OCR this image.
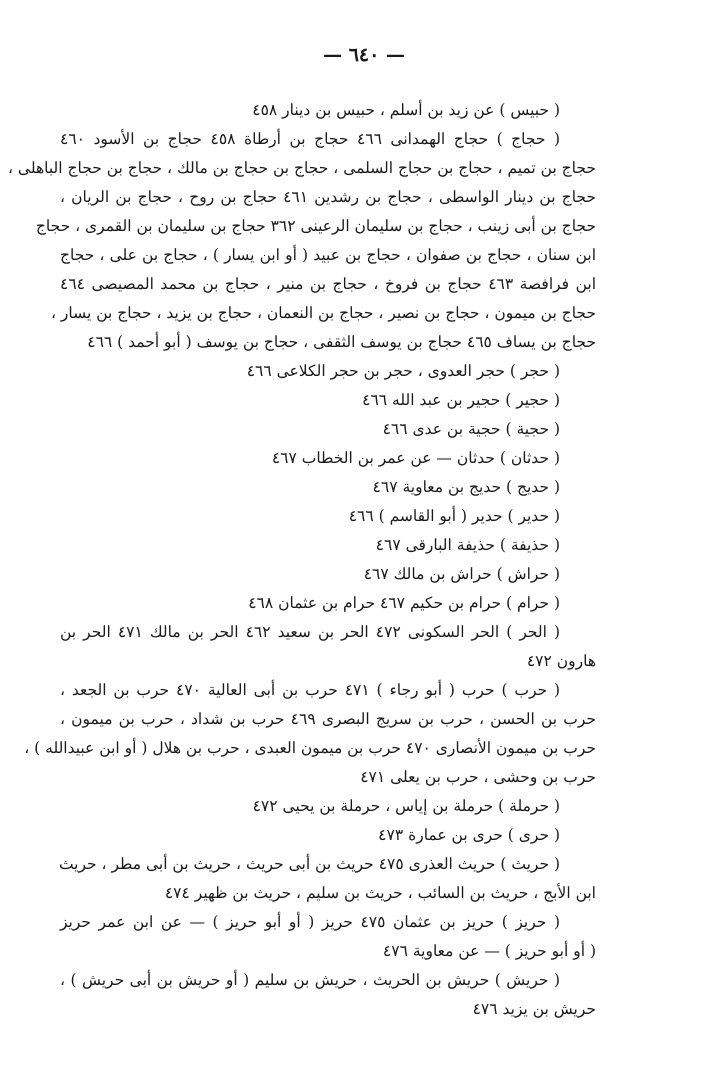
— ٦٤٠ —
( حبيس ) عن زيد بن أسلم ، حبيس بن دينار ٤٥٨
( حجاج ) حجاج الهمدانى ٤٦٦ حجاج بن أرطاة ٤٥٨ حجاج بن الأسود ٤٦٠
حجاج بن تميم ، حجاج بن حجاج السلمى ، حجاج بن حجاج بن مالك ، حجاج بن حجاج الباهلى ،
حجاج بن دينار الواسطى ، حجاج بن رشدين ٤٦١ حجاج بن روح ، حجاج بن الريان ،
حجاج بن أبى زينب ، حجاج بن سليمان الرعينى ٣٦٢ حجاج بن سليمان بن القمرى ، حجاج
ابن سنان ، حجاج بن صفوان ، حجاج بن عبيد ( أو ابن يسار ) ، حجاج بن على ، حجاج
ابن فرافصة ٤٦٣ حجاج بن فروخ ، حجاج بن منير ، حجاج بن محمد المصيصى ٤٦٤
حجاج بن ميمون ، حجاج بن نصير ، حجاج بن النعمان ، حجاج بن يزيد ، حجاج بن يسار ،
حجاج بن يساف ٤٦٥ حجاج بن يوسف الثقفى ، حجاج بن يوسف ( أبو أحمد ) ٤٦٦
( حجر ) حجر العدوى ، حجر بن حجر الكلاعى ٤٦٦
( حجير ) حجير بن عبد الله ٤٦٦
( حجية ) حجية بن عدى ٤٦٦
( حدثان ) حدثان — عن عمر بن الخطاب ٤٦٧
( حديج ) حديج بن معاوية ٤٦٧
( حدير ) حدير ( أبو القاسم ) ٤٦٦
( حذيفة ) حذيفة البارقى ٤٦٧
( حراش ) حراش بن مالك ٤٦٧
( حرام ) حرام بن حكيم ٤٦٧ حرام بن عثمان ٤٦٨
( الحر ) الحر السكونى ٤٧٢ الحر بن سعيد ٤٦٢ الحر بن مالك ٤٧١ الحر بن
هارون ٤٧٢
( حرب ) حرب ( أبو رجاء ) ٤٧١ حرب بن أبى العالية ٤٧٠ حرب بن الجعد ،
حرب بن الحسن ، حرب بن سريج البصرى ٤٦٩ حرب بن شداد ، حرب بن ميمون ،
حرب بن ميمون الأنصارى ٤٧٠ حرب بن ميمون العبدى ، حرب بن هلال ( أو ابن عبيدالله ) ،
حرب بن وحشى ، حرب بن يعلى ٤٧١
( حرملة ) حرملة بن إياس ، حرملة بن يحيى ٤٧٢
( حرى ) حرى بن عمارة ٤٧٣
( حريث ) حريث العذرى ٤٧٥ حريث بن أبى حريث ، حريث بن أبى مطر ، حريث
ابن الأبج ، حريث بن السائب ، حريث بن سليم ، حريث بن ظهير ٤٧٤
( حريز ) حريز بن عثمان ٤٧٥ حريز ( أو أبو حريز ) — عن ابن عمر حريز
( أو أبو حريز ) — عن معاوية ٤٧٦
( حريش ) حريش بن الحريث ، حريش بن سليم ( أو حريش بن أبى حريش ) ،
حريش بن يزيد ٤٧٦
